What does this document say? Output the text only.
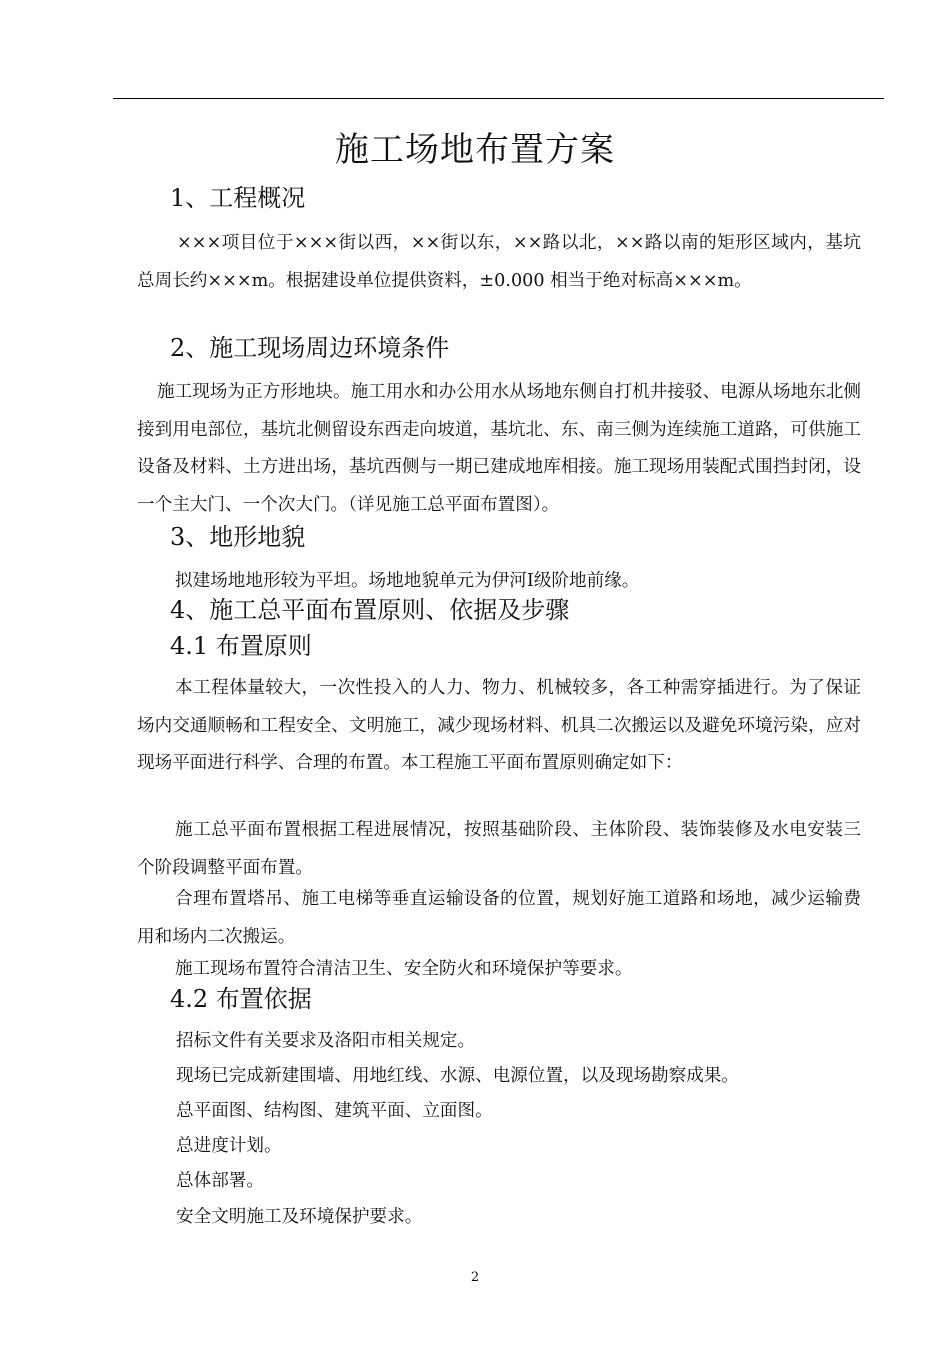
施工场地布置方案
1、工程概况
×××项目位于×××街以西，××街以东，××路以北，××路以南的矩形区域内，基坑总周长约×××m。根据建设单位提供资料，±0.000 相当于绝对标高×××m。
2、施工现场周边环境条件
施工现场为正方形地块。施工用水和办公用水从场地东侧自打机井接驳、电源从场地东北侧接到用电部位，基坑北侧留设东西走向坡道，基坑北、东、南三侧为连续施工道路，可供施工设备及材料、土方进出场，基坑西侧与一期已建成地库相接。施工现场用装配式围挡封闭，设一个主大门、一个次大门。（详见施工总平面布置图）。
3、地形地貌
拟建场地地形较为平坦。场地地貌单元为伊河Ⅰ级阶地前缘。
4、施工总平面布置原则、依据及步骤
4.1 布置原则
本工程体量较大，一次性投入的人力、物力、机械较多，各工种需穿插进行。为了保证场内交通顺畅和工程安全、文明施工，减少现场材料、机具二次搬运以及避免环境污染，应对现场平面进行科学、合理的布置。本工程施工平面布置原则确定如下：
施工总平面布置根据工程进展情况，按照基础阶段、主体阶段、装饰装修及水电安装三个阶段调整平面布置。
合理布置塔吊、施工电梯等垂直运输设备的位置，规划好施工道路和场地，减少运输费用和场内二次搬运。
施工现场布置符合清洁卫生、安全防火和环境保护等要求。
4.2 布置依据
招标文件有关要求及洛阳市相关规定。
现场已完成新建围墙、用地红线、水源、电源位置，以及现场勘察成果。
总平面图、结构图、建筑平面、立面图。
总进度计划。
总体部署。
安全文明施工及环境保护要求。
2
